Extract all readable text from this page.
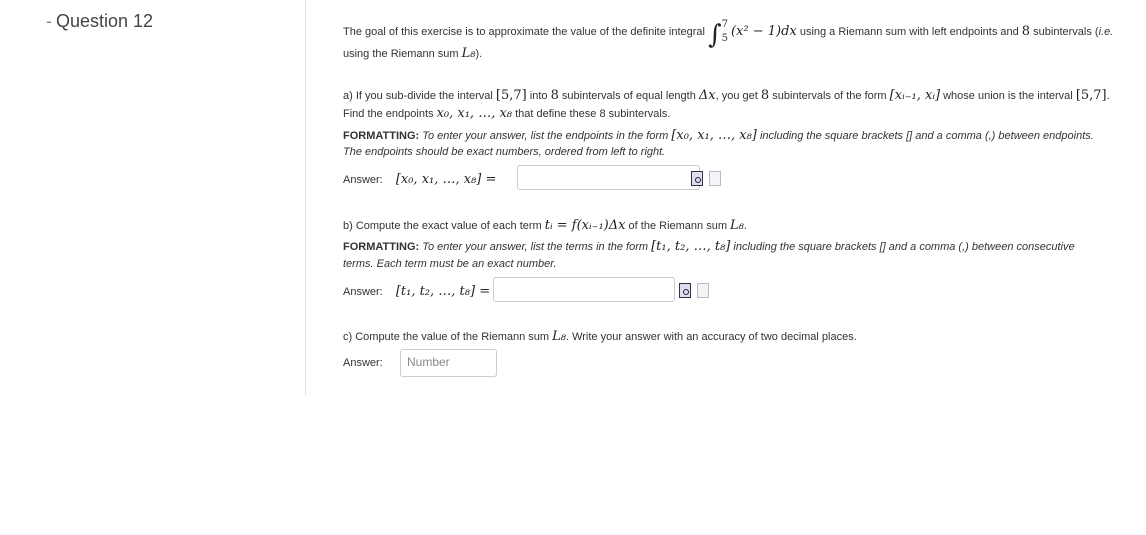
- Question 12
The goal of this exercise is to approximate the value of the definite integral ∫ 7
5 (x² − 1)dx using a Riemann sum with left endpoints and 8 subintervals (i.e.
using the Riemann sum L₈).
a) If you sub-divide the interval [5,7] into 8 subintervals of equal length Δx, you get 8 subintervals of the form [xᵢ₋₁, xᵢ] whose union is the interval [5,7].
Find the endpoints x₀, x₁, …, x₈ that define these 8 subintervals.
FORMATTING: To enter your answer, list the endpoints in the form [x₀, x₁, …, x₈] including the square brackets [] and a comma (,) between endpoints.
The endpoints should be exact numbers, ordered from left to right.
Answer: [x₀, x₁, …, x₈] =
b) Compute the exact value of each term tᵢ = f(xᵢ₋₁)Δx of the Riemann sum L₈.
FORMATTING: To enter your answer, list the terms in the form [t₁, t₂, …, t₈] including the square brackets [] and a comma (,) between consecutive
terms. Each term must be an exact number.
Answer: [t₁, t₂, …, t₈] =
c) Compute the value of the Riemann sum L₈. Write your answer with an accuracy of two decimal places.
Answer:	Number
